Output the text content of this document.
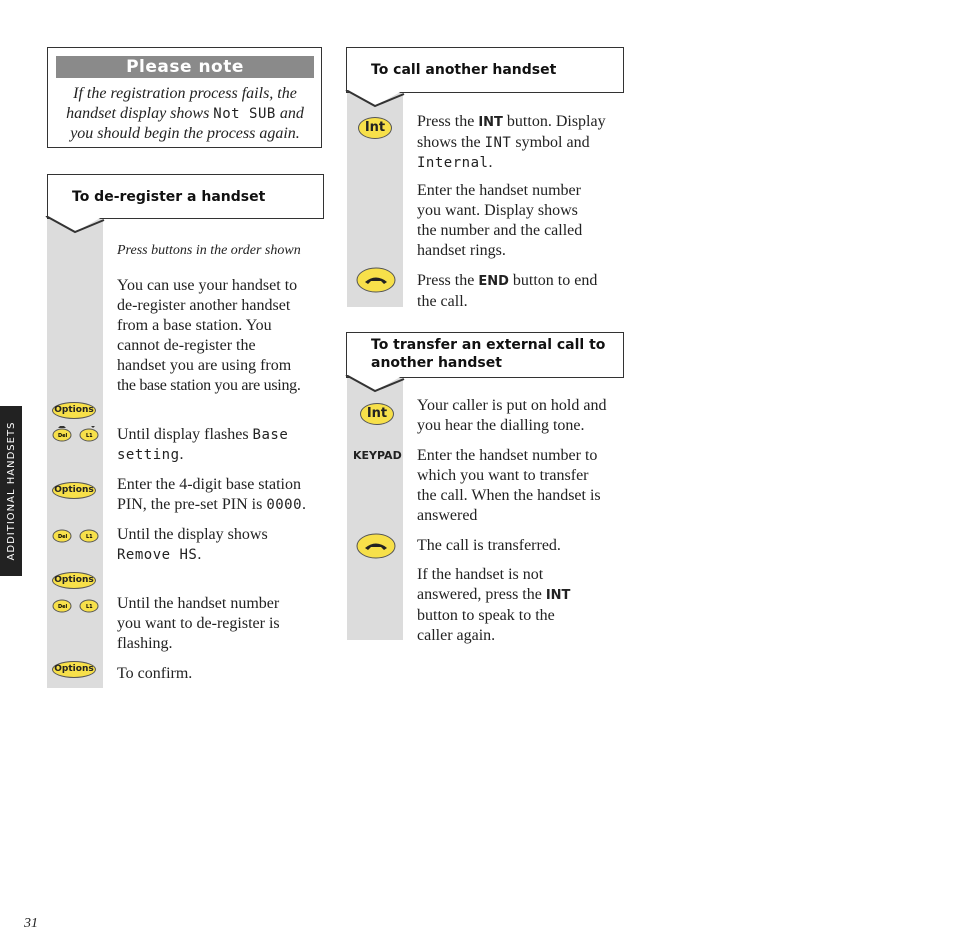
Please note
If the registration process fails, the
handset display shows Not SUB and
you should begin the process again.
To de-register a handset
Press buttons in the order shown
You can use your handset to
de-register another handset
from a base station. You
cannot de-register the
handset you are using from
the base station you are using.
Options
Del	L1 Until display flashes Base
setting.
Options Enter the 4-digit base station
PIN, the pre-set PIN is 0000.
Del	L1 Until the display shows
Remove HS.
Options
Del	L1 Until the handset number
you want to de-register is
flashing.
Options To confirm.
To call another handset
Int	Press the INT button. Display
shows the INT symbol and
Internal.
Enter the handset number
you want. Display shows
the number and the called
handset rings.
Press the END button to end
the call.
To transfer an external call to
another handset
Int	Your caller is put on hold and
you hear the dialling tone.
KEYPAD Enter the handset number to
which you want to transfer
the call. When the handset is
answered
The call is transferred.
If the handset is not
answered, press the INT
button to speak to the
caller again.
ADDITIONAL HANDSETS
31
